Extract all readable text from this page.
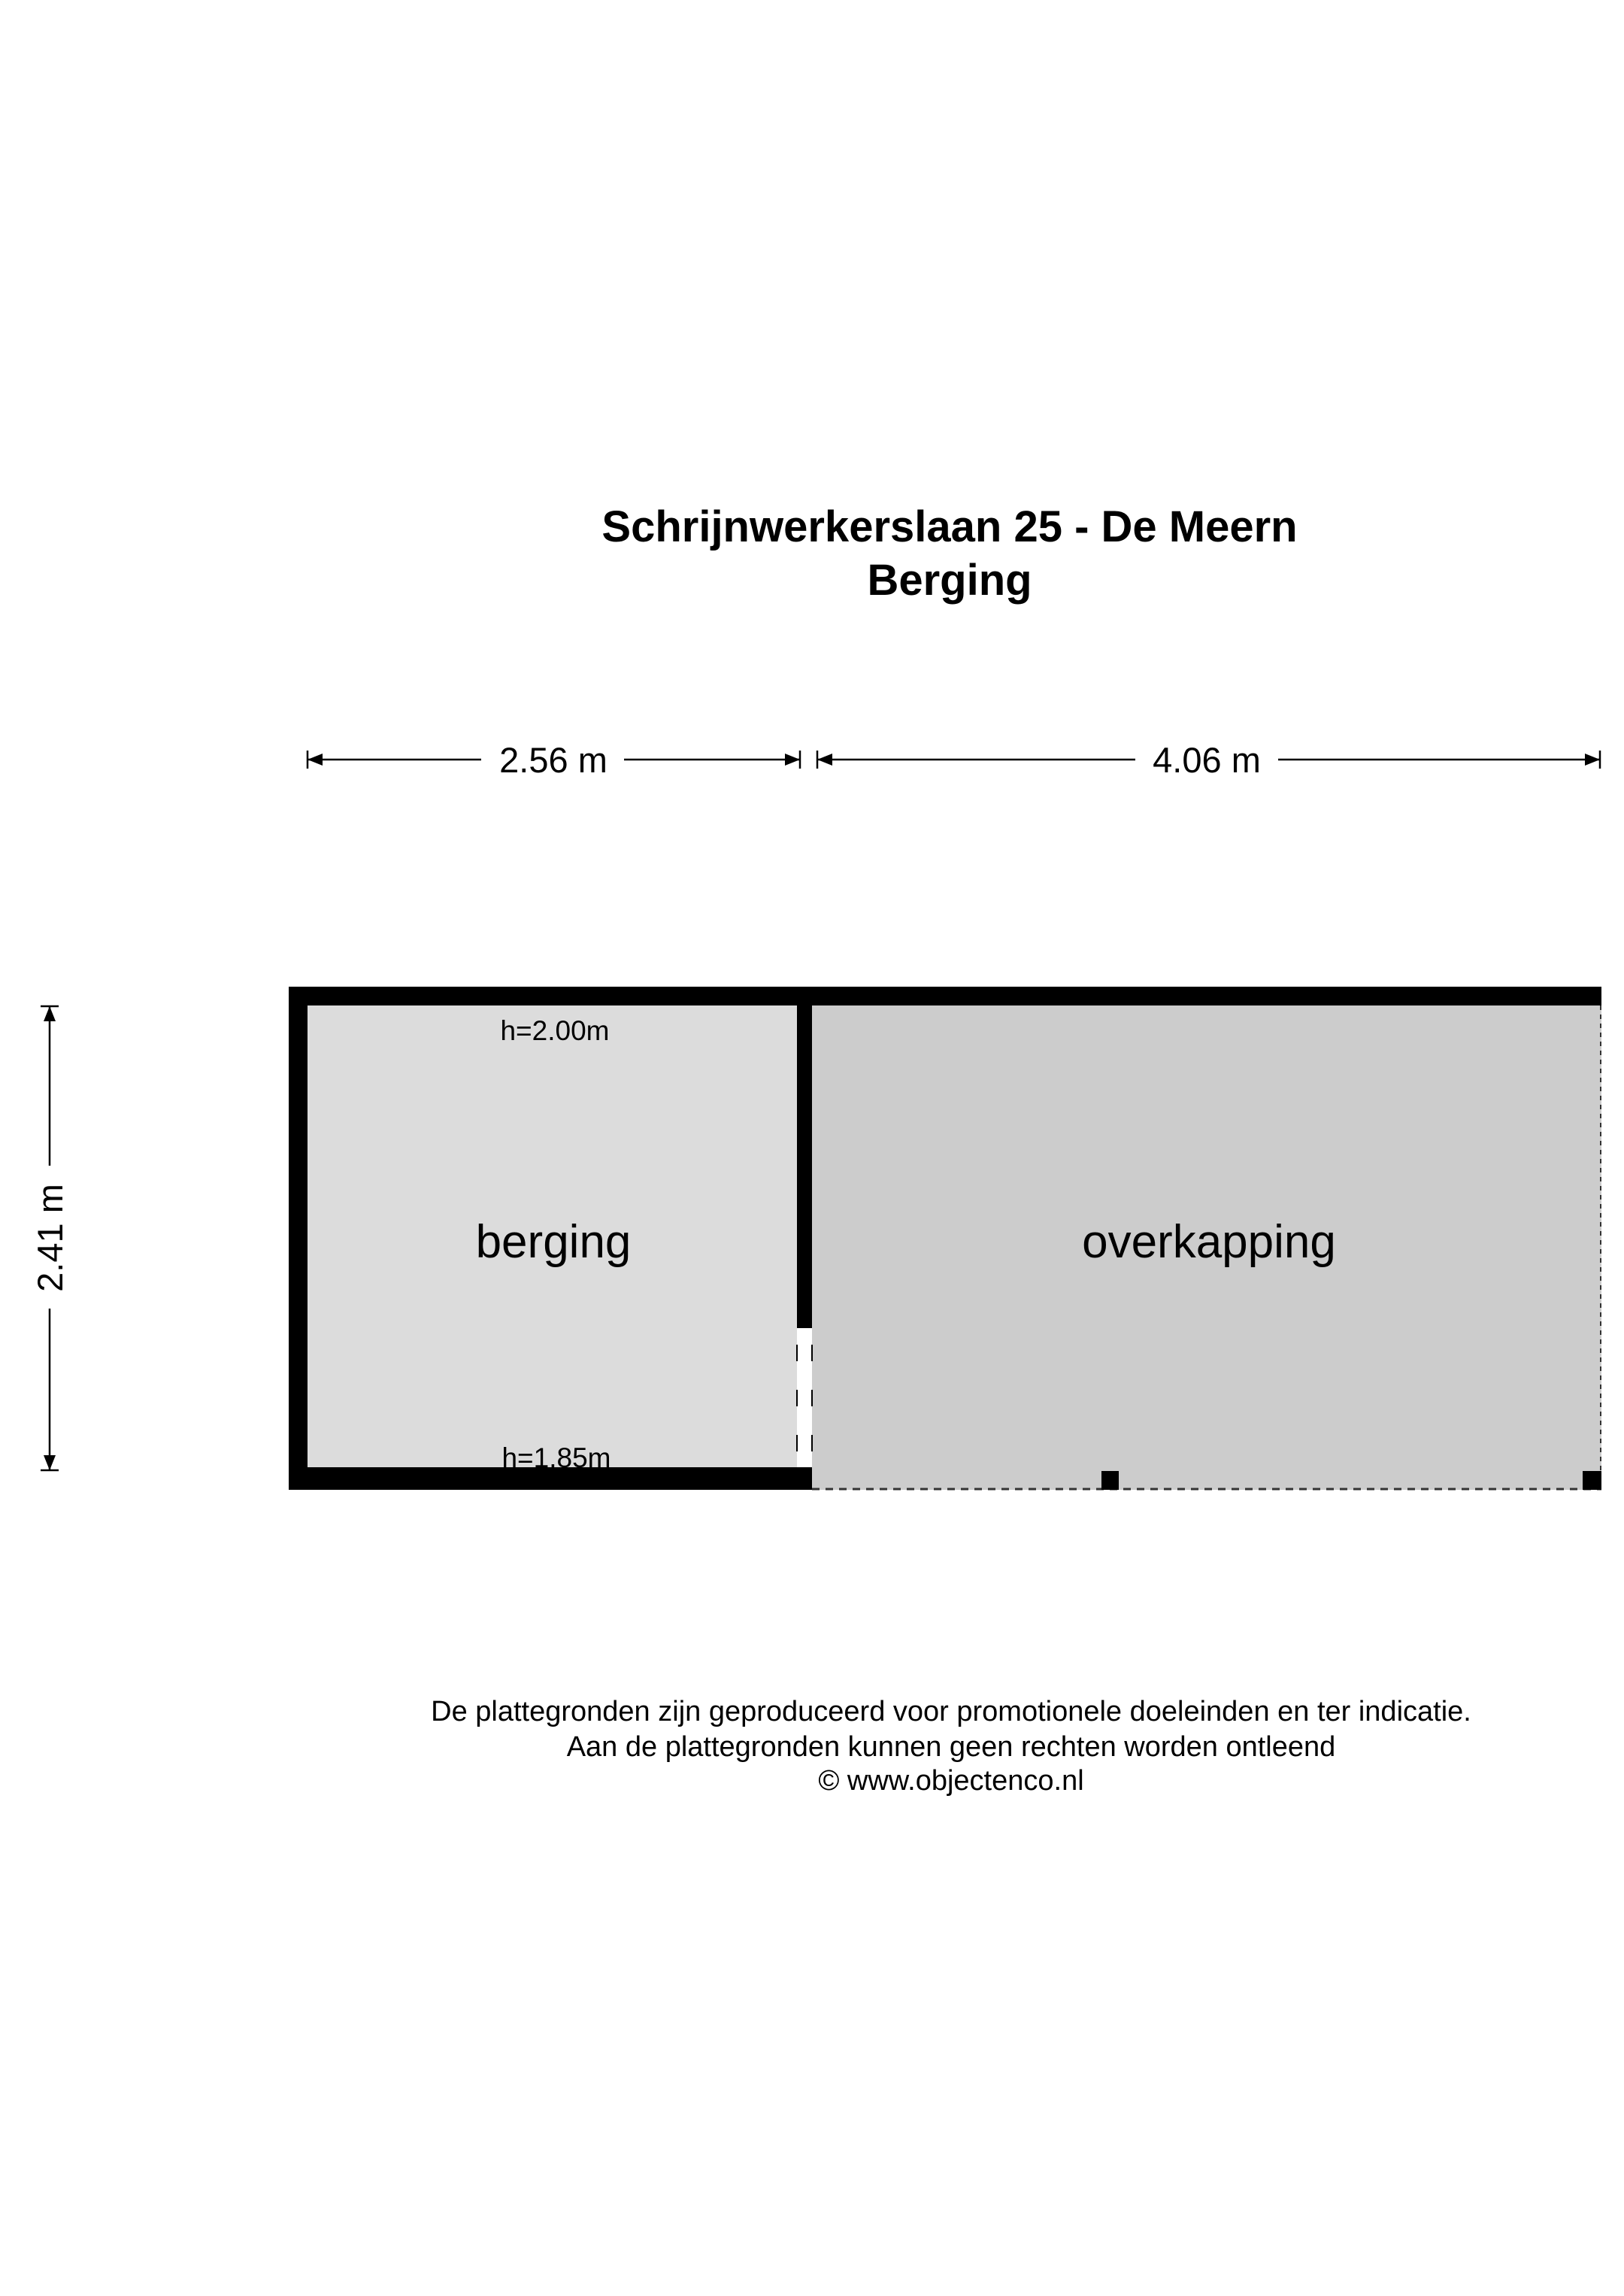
Schrijnwerkerslaan 25 - De Meern
Berging
2.56 m	4.06 m
2.41 m
h=2.00m
berging
h=1.85m
overkapping
De plattegronden zijn geproduceerd voor promotionele doeleinden en ter indicatie.
Aan de plattegronden kunnen geen rechten worden ontleend
© www.objectenco.nl
